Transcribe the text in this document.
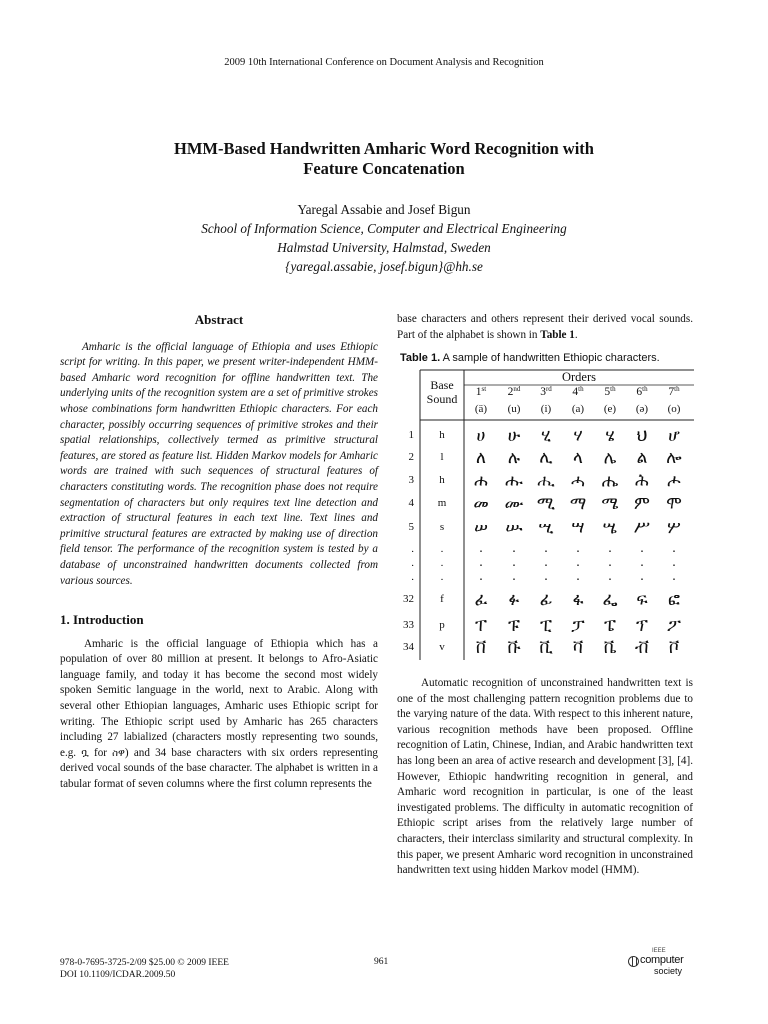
2009 10th International Conference on Document Analysis and Recognition
HMM-Based Handwritten Amharic Word Recognition with
Feature Concatenation
Yaregal Assabie and Josef Bigun
School of Information Science, Computer and Electrical Engineering
Halmstad University, Halmstad, Sweden
{yaregal.assabie, josef.bigun}@hh.se
Abstract

Amharic is the official language of Ethiopia and uses Ethiopic script for writing. In this paper, we present writer-independent HMM-based Amharic word recognition for offline handwritten text. The underlying units of the recognition system are a set of primitive strokes whose combinations form handwritten Ethiopic characters. For each character, possibly occurring sequences of primitive strokes and their spatial relationships, collectively termed as primitive structural features, are stored as feature list. Hidden Markov models for Amharic words are trained with such sequences of structural features of characters constituting words. The recognition phase does not require segmentation of characters but only requires text line detection and extraction of structural features in each text line. Text lines and primitive structural features are extracted by making use of direction field tensor. The performance of the recognition system is tested by a database of unconstrained handwritten documents collected from various sources.

1. Introduction

Amharic is the official language of Ethiopia which has a population of over 80 million at present. It belongs to Afro-Asiatic language family, and today it has become the second most widely spoken Semitic language in the world, next to Arabic. Along with several other Ethiopian languages, Amharic uses Ethiopic script for writing. The Ethiopic script used by Amharic has 265 characters including 27 labialized (characters mostly representing two sounds, e.g. ቧ for ስዋ) and 34 base characters with six orders representing derived vocal sounds of the base character. The alphabet is written in a tabular format of seven columns where the first column represents the

base characters and others represent their derived vocal sounds. Part of the alphabet is shown in Table 1.

Table 1. A sample of handwritten Ethiopic characters.
Base
Sound
Orders
1st	2nd	3rd	4th	5th	6th	7th
(ä)	(u)	(i)	(a)	(e)	(ə)	(o)
1	h	ሀ	ሁ	ሂ	ሃ	ሄ	ህ	ሆ
2	l	ለ	ሉ	ሊ	ላ	ሌ	ል	ሎ
3	h	ሐ	ሑ ሒ ሓ ሔ ሕ	ሖ
4	m	መ ሙ ሚ ማ ሜ ም ሞ
5	s	ሠ	ሡ ሢ	ሣ	ሤ ሥ	ሦ
32	f	ፈ	ፉ	ፊ	ፋ	ፌ	ፍ	ፎ
33	p	ፐ	ፑ	ፒ	ፓ	ፔ	ፕ	ፖ
34	v	ቨ	ቩ	ቪ	ቫ	ቬ	ቭ	ቮ
.	.	.	.	.	.	.	.	.
.	.	.	.	.	.	.	.	.
.	.	.	.	.	.	.	.	.

Automatic recognition of unconstrained handwritten text is one of the most challenging pattern recognition problems due to the varying nature of the data. With respect to this inherent nature, various recognition methods have been proposed. Offline recognition of Latin, Chinese, Indian, and Arabic handwritten text has long been an area of active research and development [3], [4]. However, Ethiopic handwriting recognition in general, and Amharic word recognition in particular, is one of the least investigated problems. The difficulty in automatic recognition of Ethiopic script arises from the relatively large number of characters, their interclass similarity and structural complexity. In this paper, we present Amharic word recognition in unconstrained handwritten text using hidden Markov model (HMM).

978-0-7695-3725-2/09 $25.00 © 2009 IEEE
DOI 10.1109/ICDAR.2009.50
961
IEEE
computer
society
